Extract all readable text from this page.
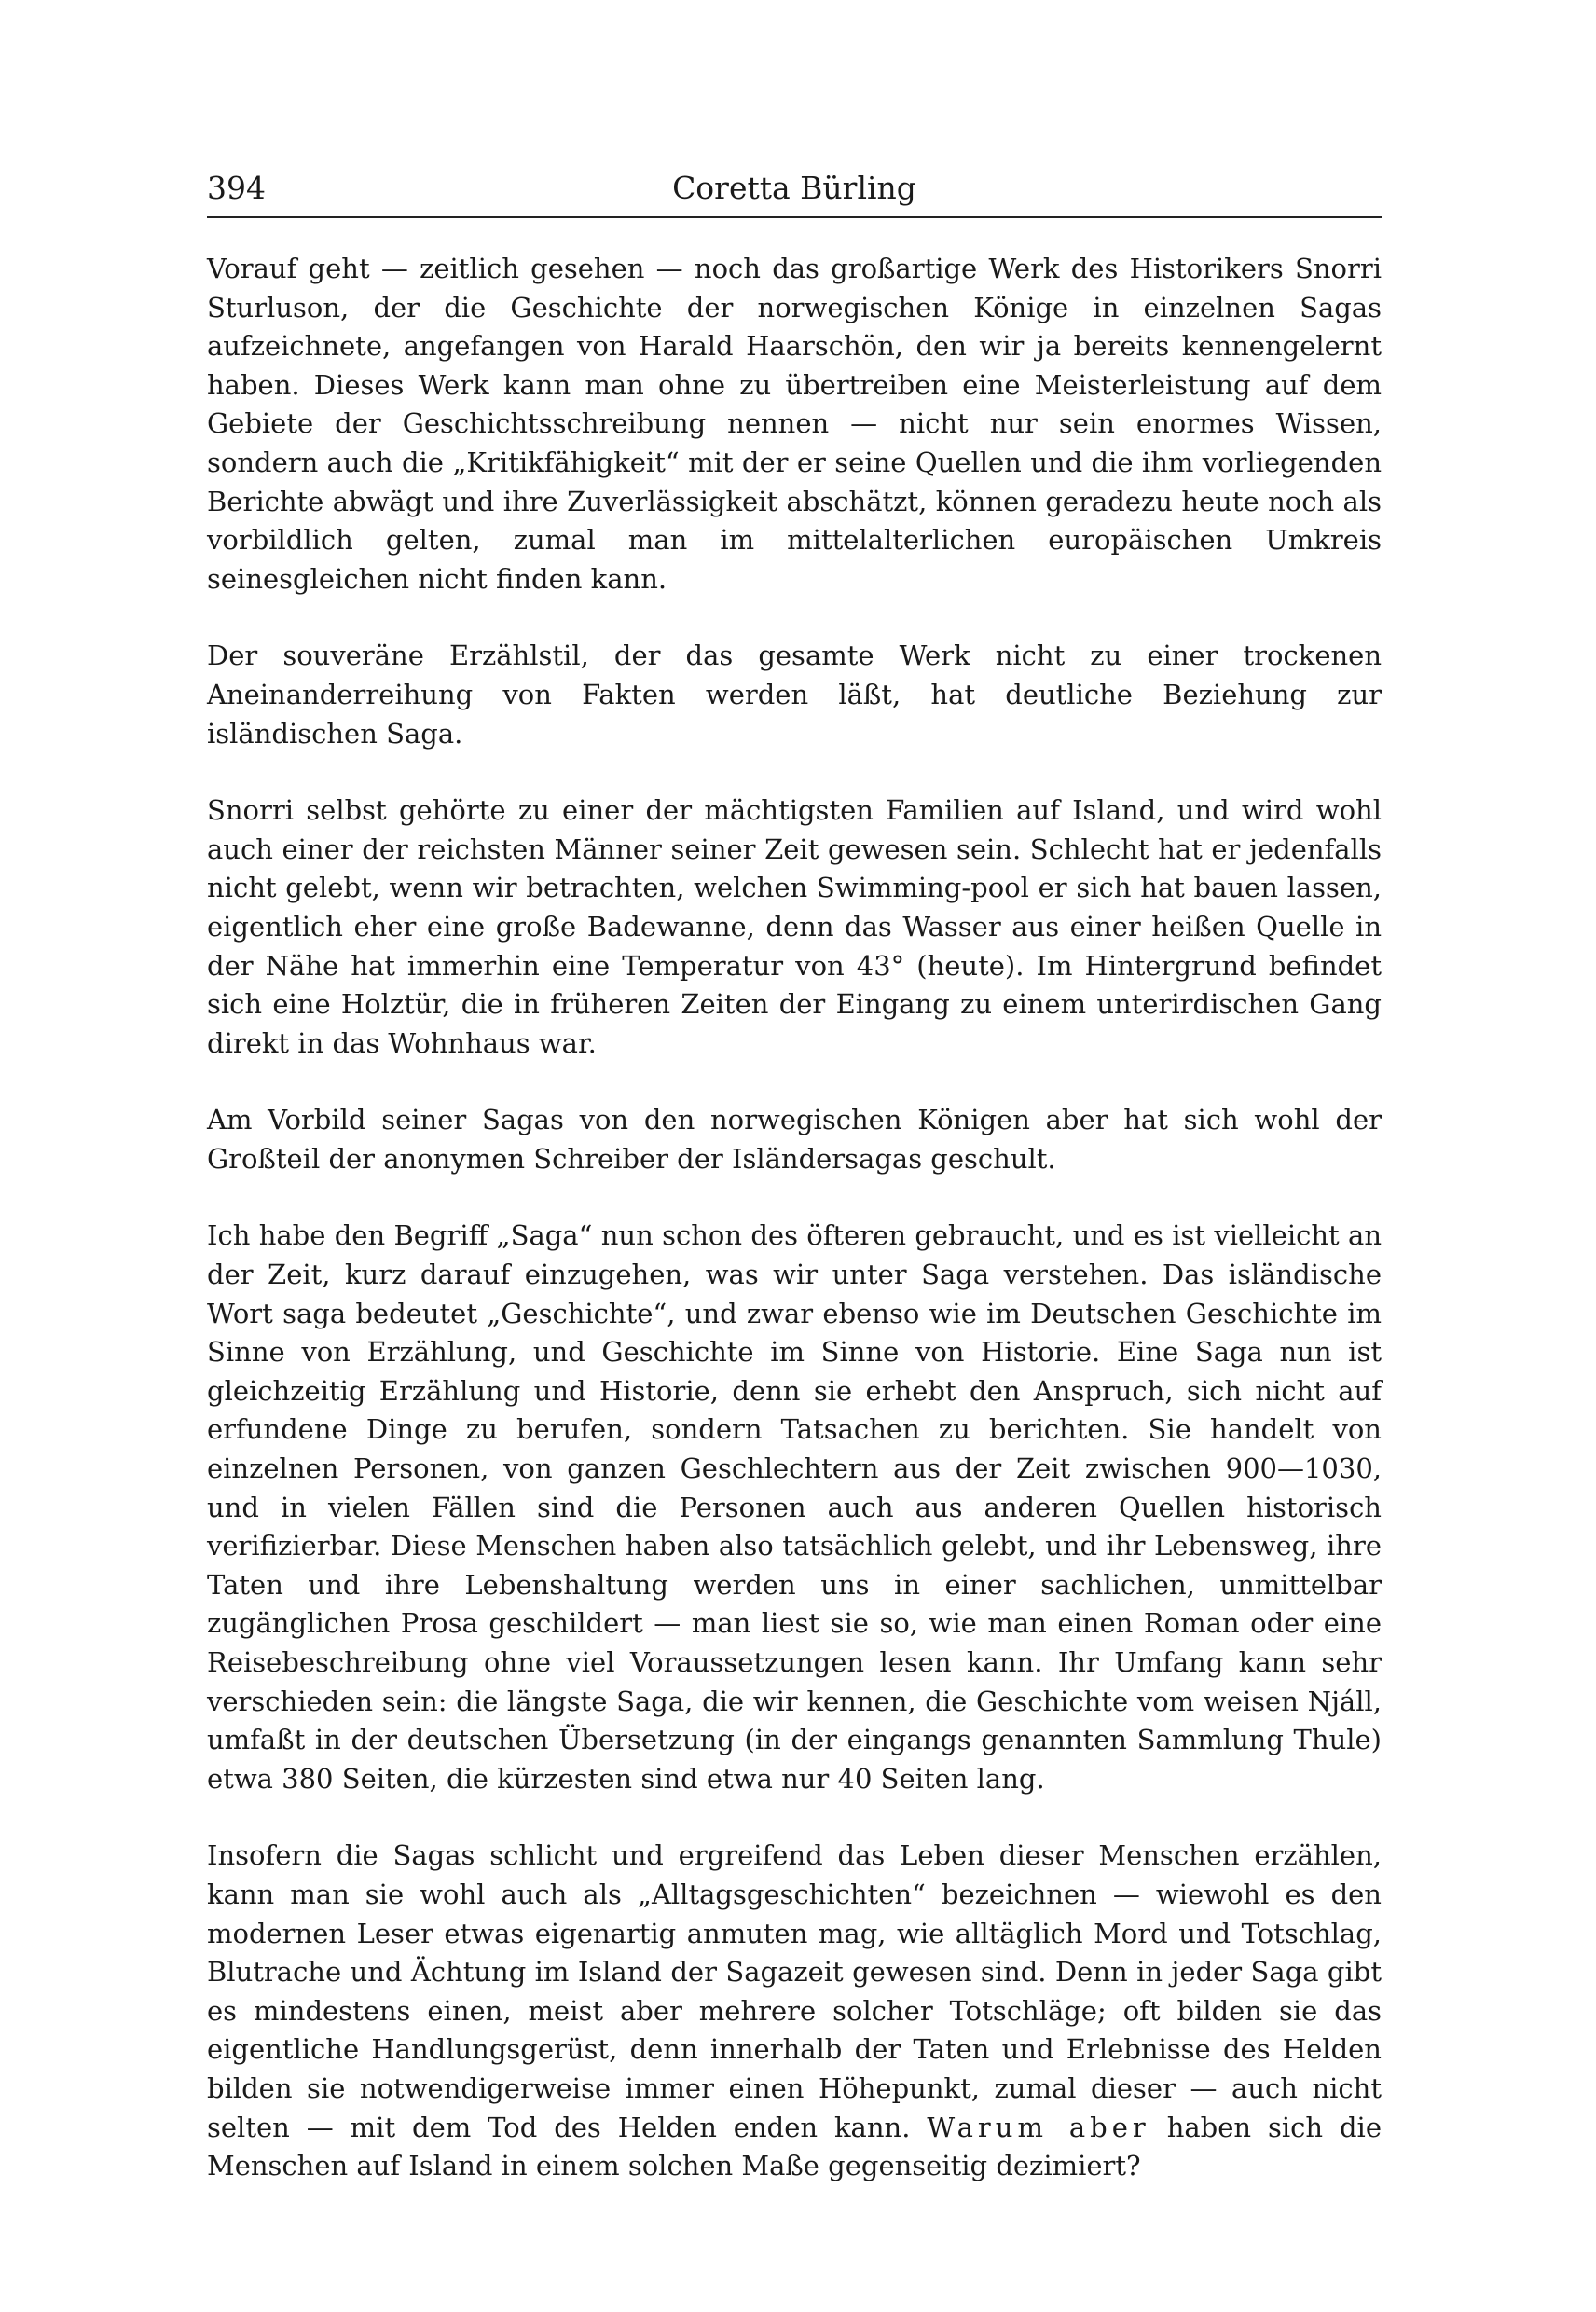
394	Coretta Bürling

Vorauf geht — zeitlich gesehen — noch das großartige Werk des Historikers Snorri Sturluson, der die Geschichte der norwegischen Könige in einzelnen Sagas aufzeichnete, angefangen von Harald Haarschön, den wir ja bereits kennengelernt haben. Dieses Werk kann man ohne zu übertreiben eine Meisterleistung auf dem Gebiete der Geschichtsschreibung nennen — nicht nur sein enormes Wissen, sondern auch die „Kritikfähigkeit“ mit der er seine Quellen und die ihm vorliegenden Berichte abwägt und ihre Zuverlässigkeit abschätzt, können geradezu heute noch als vorbildlich gelten, zumal man im mittelalterlichen europäischen Umkreis seinesgleichen nicht finden kann.

Der souveräne Erzählstil, der das gesamte Werk nicht zu einer trockenen Aneinanderreihung von Fakten werden läßt, hat deutliche Beziehung zur isländischen Saga.

Snorri selbst gehörte zu einer der mächtigsten Familien auf Island, und wird wohl auch einer der reichsten Männer seiner Zeit gewesen sein. Schlecht hat er jedenfalls nicht gelebt, wenn wir betrachten, welchen Swimming-pool er sich hat bauen lassen, eigentlich eher eine große Badewanne, denn das Wasser aus einer heißen Quelle in der Nähe hat immerhin eine Temperatur von 43° (heute). Im Hintergrund befindet sich eine Holztür, die in früheren Zeiten der Eingang zu einem unterirdischen Gang direkt in das Wohnhaus war.

Am Vorbild seiner Sagas von den norwegischen Königen aber hat sich wohl der Großteil der anonymen Schreiber der Isländersagas geschult.

Ich habe den Begriff „Saga“ nun schon des öfteren gebraucht, und es ist vielleicht an der Zeit, kurz darauf einzugehen, was wir unter Saga verstehen. Das isländische Wort saga bedeutet „Geschichte“, und zwar ebenso wie im Deutschen Geschichte im Sinne von Erzählung, und Geschichte im Sinne von Historie. Eine Saga nun ist gleichzeitig Erzählung und Historie, denn sie erhebt den Anspruch, sich nicht auf erfundene Dinge zu berufen, sondern Tatsachen zu berichten. Sie handelt von einzelnen Personen, von ganzen Geschlechtern aus der Zeit zwischen 900—1030, und in vielen Fällen sind die Personen auch aus anderen Quellen historisch verifizierbar. Diese Menschen haben also tatsächlich gelebt, und ihr Lebensweg, ihre Taten und ihre Lebenshaltung werden uns in einer sachlichen, unmittelbar zugänglichen Prosa geschildert — man liest sie so, wie man einen Roman oder eine Reisebeschreibung ohne viel Voraussetzungen lesen kann. Ihr Umfang kann sehr verschieden sein: die längste Saga, die wir kennen, die Geschichte vom weisen Njáll, umfaßt in der deutschen Übersetzung (in der eingangs genannten Sammlung Thule) etwa 380 Seiten, die kürzesten sind etwa nur 40 Seiten lang.

Insofern die Sagas schlicht und ergreifend das Leben dieser Menschen erzählen, kann man sie wohl auch als „Alltagsgeschichten“ bezeichnen — wiewohl es den modernen Leser etwas eigenartig anmuten mag, wie alltäglich Mord und Totschlag, Blutrache und Ächtung im Island der Sagazeit gewesen sind. Denn in jeder Saga gibt es mindestens einen, meist aber mehrere solcher Totschläge; oft bilden sie das eigentliche Handlungsgerüst, denn innerhalb der Taten und Erlebnisse des Helden bilden sie notwendigerweise immer einen Höhepunkt, zumal dieser — auch nicht selten — mit dem Tod des Helden enden kann. Warum aber haben sich die Menschen auf Island in einem solchen Maße gegenseitig dezimiert?
